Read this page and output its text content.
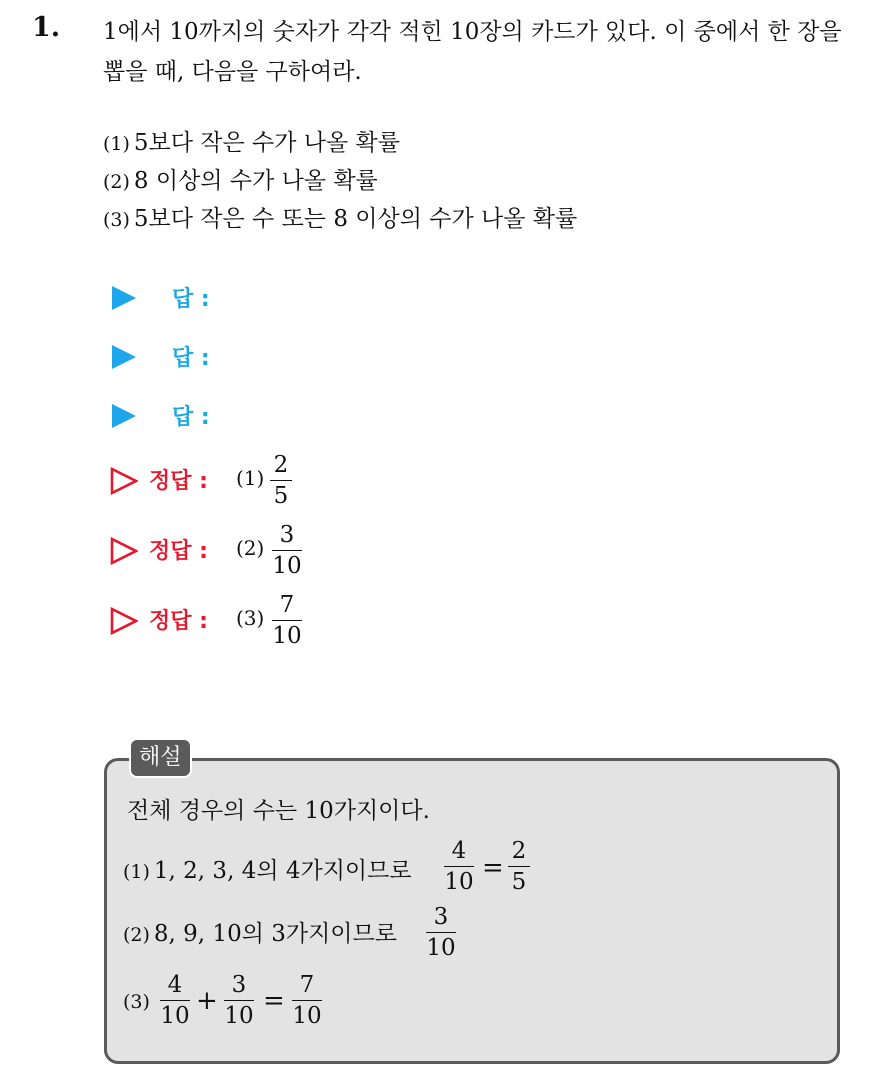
1. 1에서 10까지의 숫자가 각각 적힌 10장의 카드가 있다. 이 중에서 한 장을 뽑을 때, 다음을 구하여라.
(1) 5보다 작은 수가 나올 확률
(2) 8 이상의 수가 나올 확률
(3) 5보다 작은 수 또는 8 이상의 수가 나올 확률
답 :
답 :
답 :
정답 : (1) 2
5
정답 : (2) 3
10
정답 : (3) 7
10
해설
전체 경우의 수는 10가지이다.
(1) 1, 2, 3, 4의 4가지이므로
4
10 =
2
5
(2) 8, 9, 10의 3가지이므로
3
10
(3)
4
10 +
3
10 =
7
10
